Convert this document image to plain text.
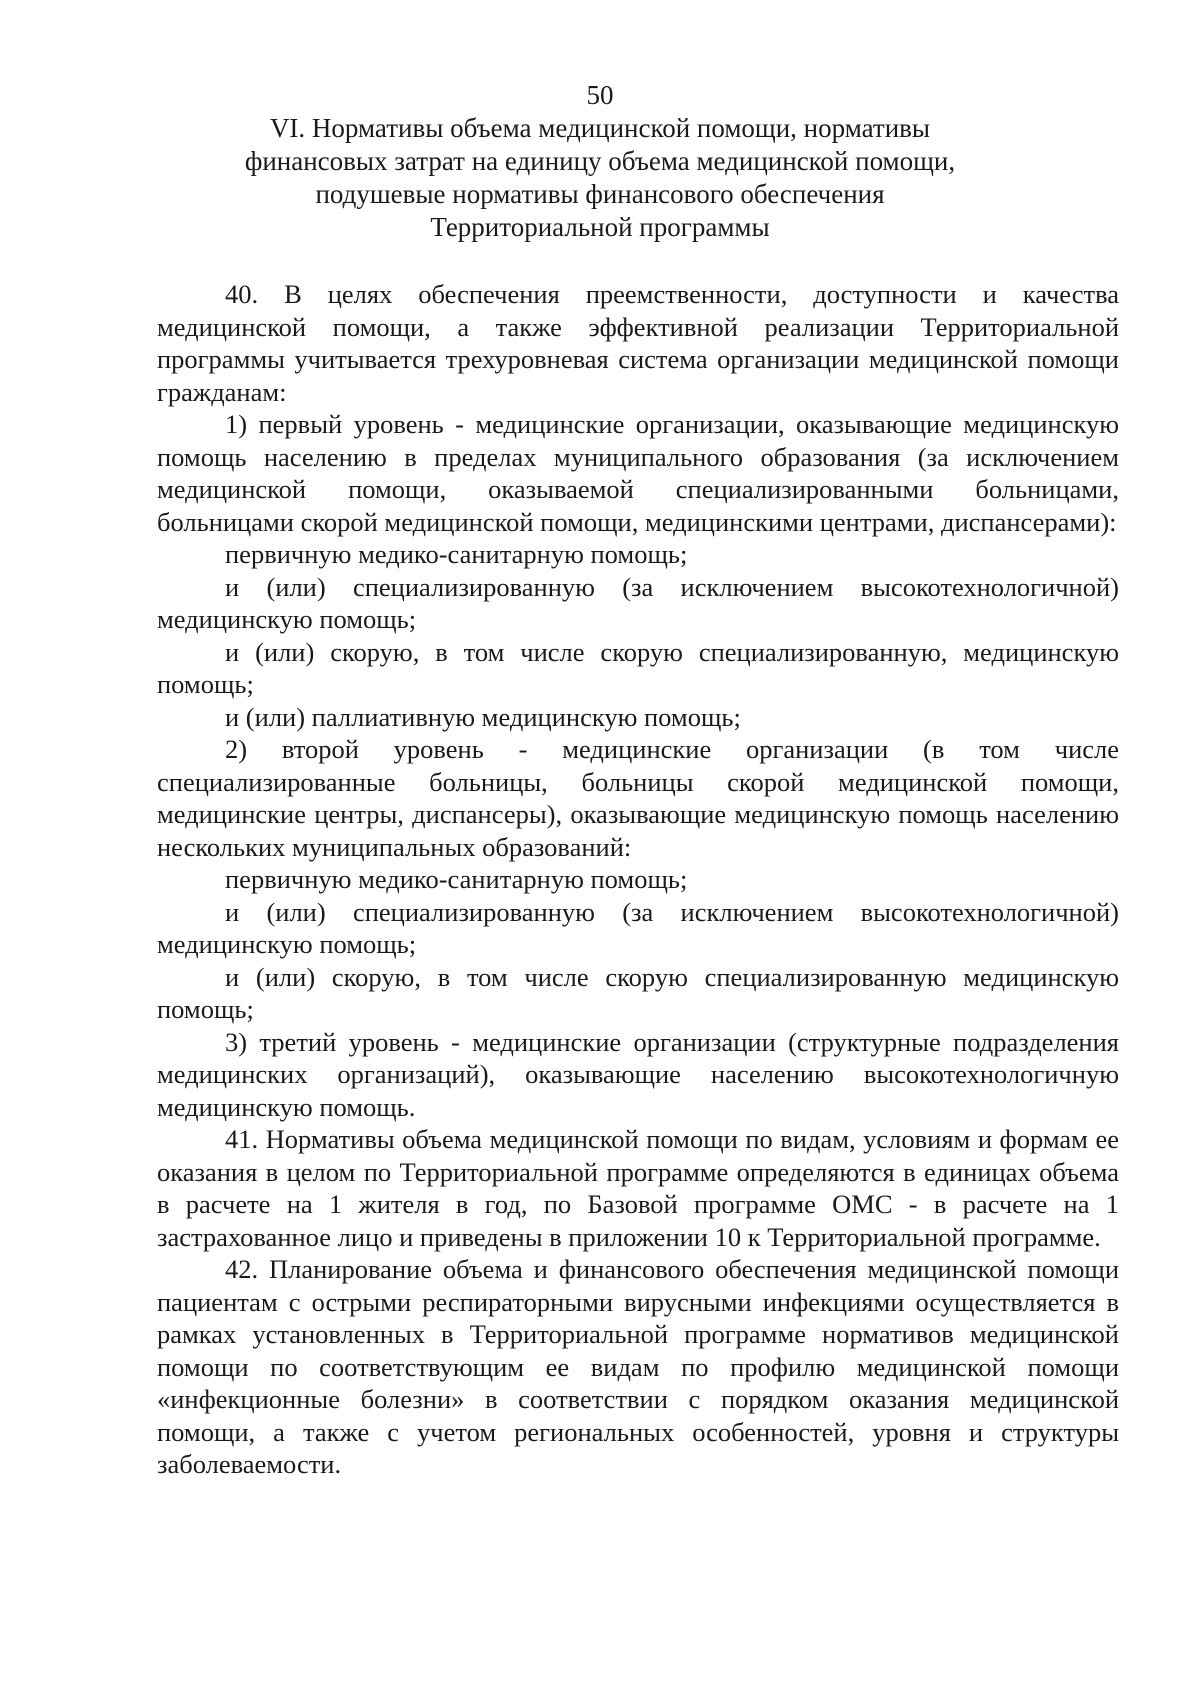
50
VI. Нормативы объема медицинской помощи, нормативы
финансовых затрат на единицу объема медицинской помощи,
подушевые нормативы финансового обеспечения
Территориальной программы

40. В целях обеспечения преемственности, доступности и качества медицинской помощи, а также эффективной реализации Территориальной программы учитывается трехуровневая система организации медицинской помощи гражданам:

1) первый уровень - медицинские организации, оказывающие медицинскую помощь населению в пределах муниципального образования (за исключением медицинской помощи, оказываемой специализированными больницами, больницами скорой медицинской помощи, медицинскими центрами, диспансерами):

первичную медико-санитарную помощь;

и (или) специализированную (за исключением высокотехнологичной) медицинскую помощь;

и (или) скорую, в том числе скорую специализированную, медицинскую помощь;

и (или) паллиативную медицинскую помощь;

2) второй уровень - медицинские организации (в том числе специализированные больницы, больницы скорой медицинской помощи, медицинские центры, диспансеры), оказывающие медицинскую помощь населению нескольких муниципальных образований:

первичную медико-санитарную помощь;

и (или) специализированную (за исключением высокотехнологичной) медицинскую помощь;

и (или) скорую, в том числе скорую специализированную медицинскую помощь;

3) третий уровень - медицинские организации (структурные подразделения медицинских организаций), оказывающие населению высокотехнологичную медицинскую помощь.

41. Нормативы объема медицинской помощи по видам, условиям и формам ее оказания в целом по Территориальной программе определяются в единицах объема в расчете на 1 жителя в год, по Базовой программе ОМС - в расчете на 1 застрахованное лицо и приведены в приложении 10 к Территориальной программе.

42. Планирование объема и финансового обеспечения медицинской помощи пациентам с острыми респираторными вирусными инфекциями осуществляется в рамках установленных в Территориальной программе нормативов медицинской помощи по соответствующим ее видам по профилю медицинской помощи «инфекционные болезни» в соответствии с порядком оказания медицинской помощи, а также с учетом региональных особенностей, уровня и структуры заболеваемости.
